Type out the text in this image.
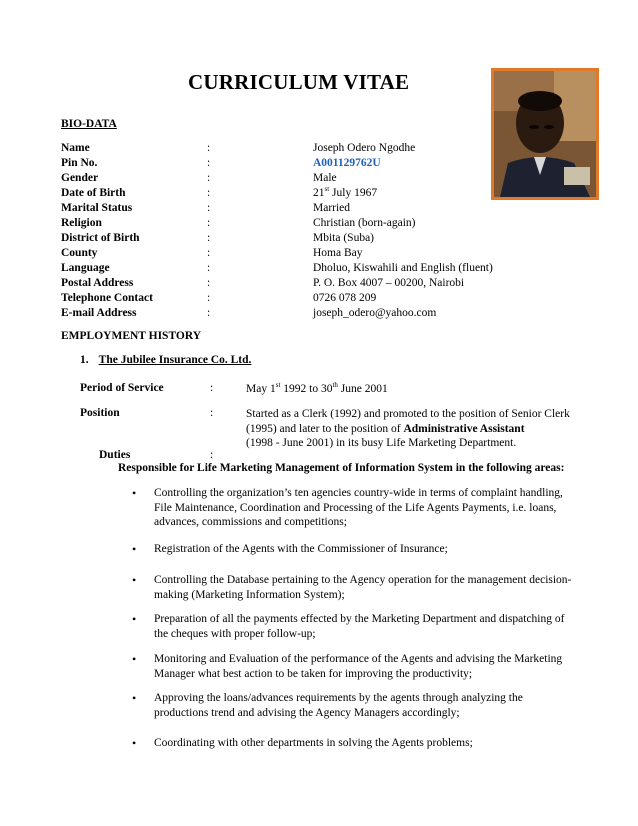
CURRICULUM VITAE
BIO-DATA
Name	:	Joseph Odero Ngodhe
Pin No.	:	A001129762U
Gender	:	Male
Date of Birth	:	21st July 1967
Marital Status	:	Married
Religion	:	Christian (born-again)
District of Birth	:	Mbita (Suba)
County	:	Homa Bay
Language	:	Dholuo, Kiswahili and English (fluent)
Postal Address	:	P. O. Box 4007 – 00200, Nairobi
Telephone Contact	:	0726 078 209
E-mail Address	:	joseph_odero@yahoo.com
EMPLOYMENT HISTORY
1. The Jubilee Insurance Co. Ltd.
Period of Service	:	May 1st 1992 to 30th June 2001
Position	:	Started as a Clerk (1992) and promoted to the position of Senior Clerk
(1995) and later to the position of Administrative Assistant
(1998 - June 2001) in its busy Life Marketing Department.
Duties	:
Responsible for Life Marketing Management of Information System in the following areas:
• Controlling the organization’s ten agencies country-wide in terms of complaint handling, File Maintenance, Coordination and Processing of the Life Agents Payments, i.e. loans, advances, commissions and competitions;
• Registration of the Agents with the Commissioner of Insurance;
• Controlling the Database pertaining to the Agency operation for the management decision-making (Marketing Information System);
• Preparation of all the payments effected by the Marketing Department and dispatching of the cheques with proper follow-up;
• Monitoring and Evaluation of the performance of the Agents and advising the Marketing Manager what best action to be taken for improving the productivity;
• Approving the loans/advances requirements by the agents through analyzing the productions trend and advising the Agency Managers accordingly;
• Coordinating with other departments in solving the Agents problems;
